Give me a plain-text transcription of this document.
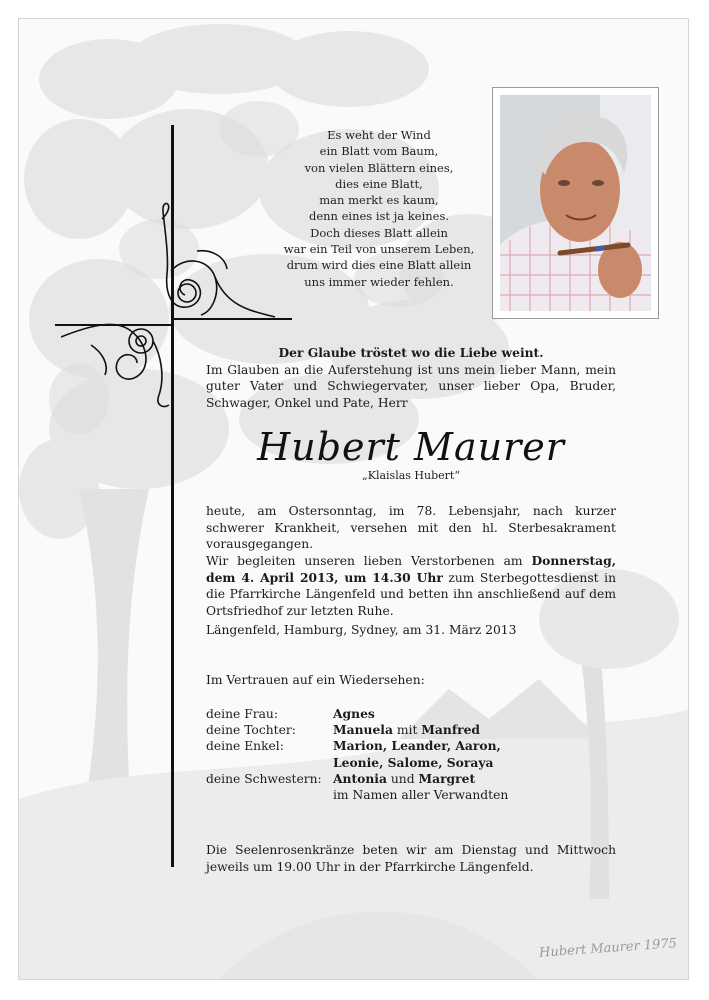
Es weht der Wind
ein Blatt vom Baum,
von vielen Blättern eines,
dies eine Blatt,
man merkt es kaum,
denn eines ist ja keines.
Doch dieses Blatt allein
war ein Teil von unserem Leben,
drum wird dies eine Blatt allein
uns immer wieder fehlen.

Der Glaube tröstet wo die Liebe weint.

Im Glauben an die Auferstehung ist uns mein lieber Mann, mein guter Vater und Schwiegervater, unser lieber Opa, Bruder, Schwager, Onkel und Pate, Herr

Hubert Maurer
„Klaislas Hubert“
heute, am Ostersonntag, im 78. Lebensjahr, nach kurzer schwerer Krankheit, versehen mit den hl. Sterbesakrament vorausgegangen.
Wir begleiten unseren lieben Verstorbenen am Donnerstag, dem 4. April 2013, um 14.30 Uhr zum Sterbegottesdienst in die Pfarrkirche Längenfeld und betten ihn anschließend auf dem Ortsfriedhof zur letzten Ruhe.
Längenfeld, Hamburg, Sydney, am 31. März 2013
Im Vertrauen auf ein Wiedersehen:
deine Frau:	Agnes
deine Tochter:	Manuela mit Manfred
deine Enkel:	Marion, Leander, Aaron,
Leonie, Salome, Soraya
deine Schwestern: Antonia und Margret
im Namen aller Verwandten
Die Seelenrosenkränze beten wir am Dienstag und Mittwoch jeweils um 19.00 Uhr in der Pfarrkirche Längenfeld.
Hubert Maurer 1975
